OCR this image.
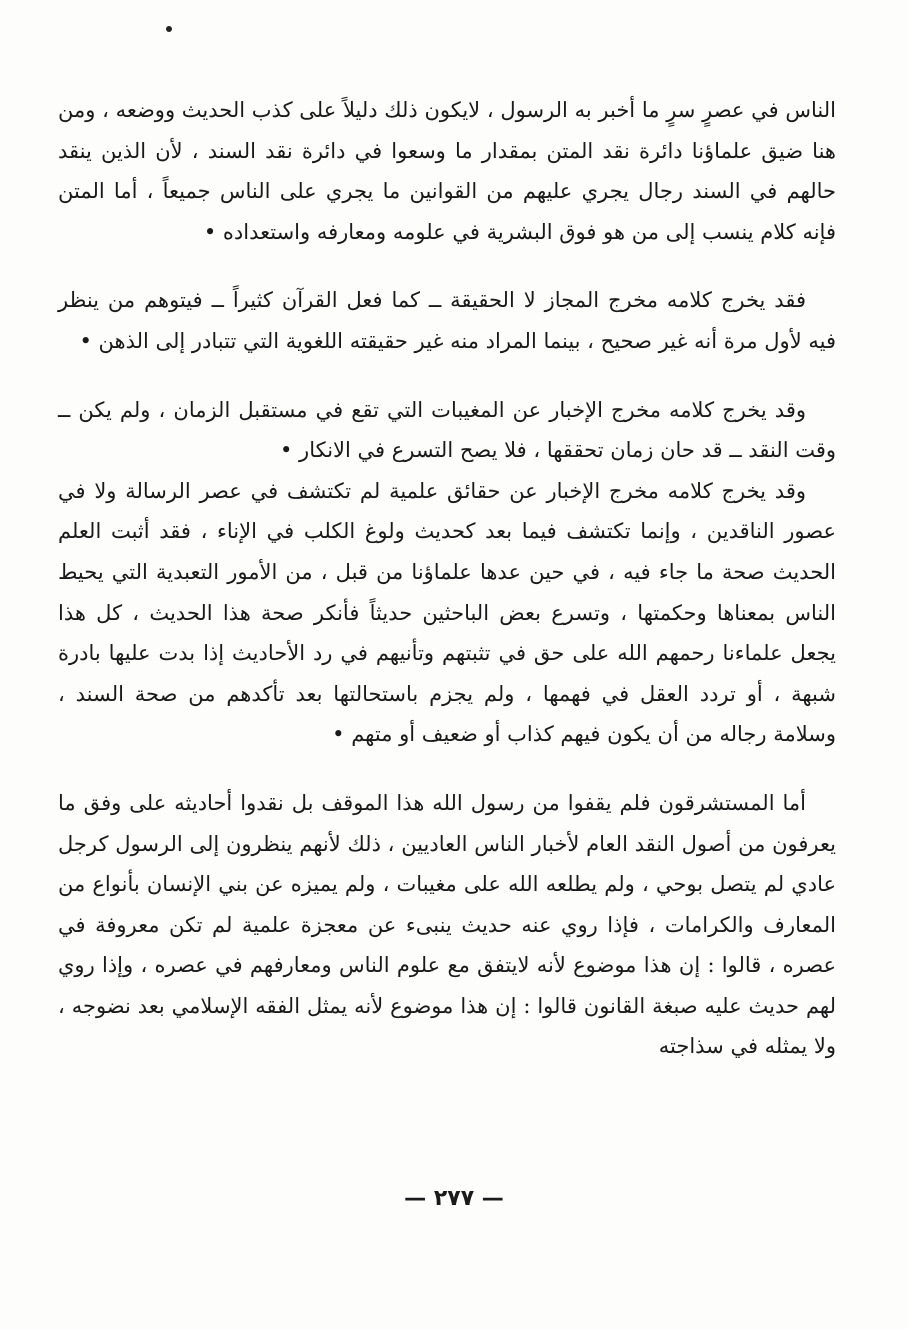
الناس في عصرٍ سرٍ ما أخبر به الرسول ، لايكون ذلك دليلاً على كذب الحديث ووضعه ، ومن هنا ضيق علماؤنا دائرة نقد المتن بمقدار ما وسعوا في دائرة نقد السند ، لأن الذين ينقد حالهم في السند رجال يجري عليهم من القوانين ما يجري على الناس جميعاً ، أما المتن فإنه كلام ينسب إلى من هو فوق البشرية في علومه ومعارفه واستعداده •

فقد يخرج كلامه مخرج المجاز لا الحقيقة ــ كما فعل القرآن كثيراً ــ فيتوهم من ينظر فيه لأول مرة أنه غير صحيح ، بينما المراد منه غير حقيقته اللغوية التي تتبادر إلى الذهن •

وقد يخرج كلامه مخرج الإخبار عن المغيبات التي تقع في مستقبل الزمان ، ولم يكن ــ وقت النقد ــ قد حان زمان تحققها ، فلا يصح التسرع في الانكار •

وقد يخرج كلامه مخرج الإخبار عن حقائق علمية لم تكتشف في عصر الرسالة ولا في عصور الناقدين ، وإنما تكتشف فيما بعد كحديث ولوغ الكلب في الإناء ، فقد أثبت العلم الحديث صحة ما جاء فيه ، في حين عدها علماؤنا من قبل ، من الأمور التعبدية التي يحيط الناس بمعناها وحكمتها ، وتسرع بعض الباحثين حديثاً فأنكر صحة هذا الحديث ، كل هذا يجعل علماءنا رحمهم الله على حق في تثبتهم وتأنيهم في رد الأحاديث إذا بدت عليها بادرة شبهة ، أو تردد العقل في فهمها ، ولم يجزم باستحالتها بعد تأكدهم من صحة السند ، وسلامة رجاله من أن يكون فيهم كذاب أو ضعيف أو متهم •

أما المستشرقون فلم يقفوا من رسول الله هذا الموقف بل نقدوا أحاديثه على وفق ما يعرفون من أصول النقد العام لأخبار الناس العاديين ، ذلك لأنهم ينظرون إلى الرسول كرجل عادي لم يتصل بوحي ، ولم يطلعه الله على مغيبات ، ولم يميزه عن بني الإنسان بأنواع من المعارف والكرامات ، فإذا روي عنه حديث ينبىء عن معجزة علمية لم تكن معروفة في عصره ، قالوا : إن هذا موضوع لأنه لايتفق مع علوم الناس ومعارفهم في عصره ، وإذا روي لهم حديث عليه صبغة القانون قالوا : إن هذا موضوع لأنه يمثل الفقه الإسلامي بعد نضوجه ، ولا يمثله في سذاجته

— ٢٧٧ —
